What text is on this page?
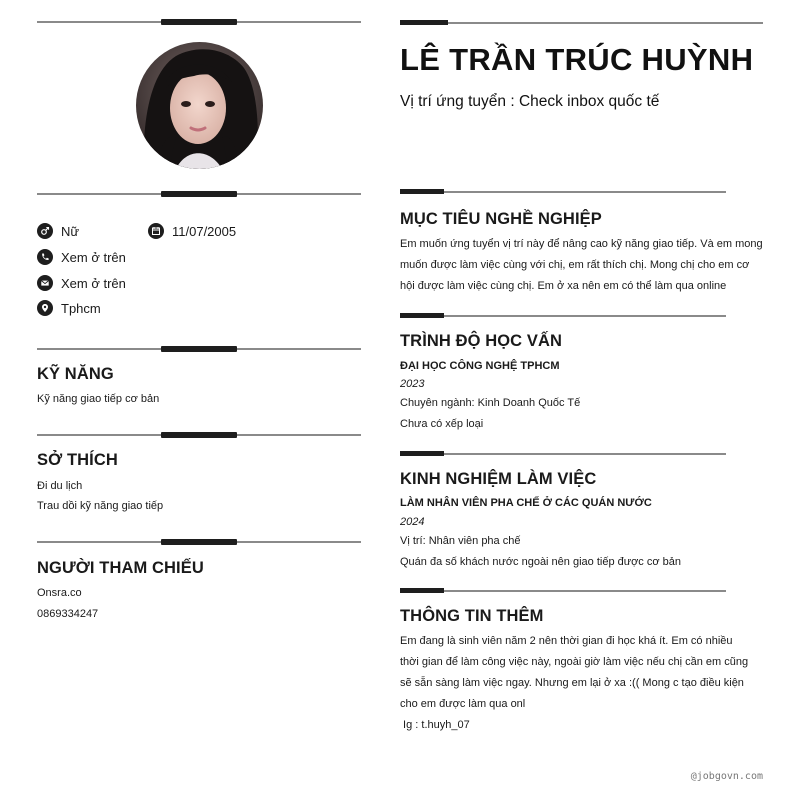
Nữ	11/07/2005
Xem ở trên
Xem ở trên
Tphcm
KỸ NĂNG
Kỹ năng giao tiếp cơ bản
SỞ THÍCH
Đi du lịch
Trau dồi kỹ năng giao tiếp
NGƯỜI THAM CHIẾU
Onsra.co
0869334247
LÊ TRẦN TRÚC HUỲNH
Vị trí ứng tuyển : Check inbox quốc tế
MỤC TIÊU NGHỀ NGHIỆP
Em muốn ứng tuyển vị trí này để nâng cao kỹ năng giao tiếp. Và em mong
muốn được làm việc cùng với chị, em rất thích chị. Mong chị cho em cơ
hội được làm việc cùng chị. Em ở xa nên em có thể làm qua online
TRÌNH ĐỘ HỌC VẤN
ĐẠI HỌC CÔNG NGHỆ TPHCM
2023
Chuyên ngành: Kinh Doanh Quốc Tế
Chưa có xếp loại
KINH NGHIỆM LÀM VIỆC
LÀM NHÂN VIÊN PHA CHẾ Ở CÁC QUÁN NƯỚC
2024
Vị trí: Nhân viên pha chế
Quán đa số khách nước ngoài nên giao tiếp được cơ bản
THÔNG TIN THÊM
Em đang là sinh viên năm 2 nên thời gian đi học khá ít. Em có nhiều
thời gian để làm công việc này, ngoài giờ làm việc nếu chị cần em cũng
sẽ sẵn sàng làm việc ngay. Nhưng em lại ở xa :(( Mong c tạo điều kiện
cho em được làm qua onl
Ig : t.huyh_07
@jobgovn.com
